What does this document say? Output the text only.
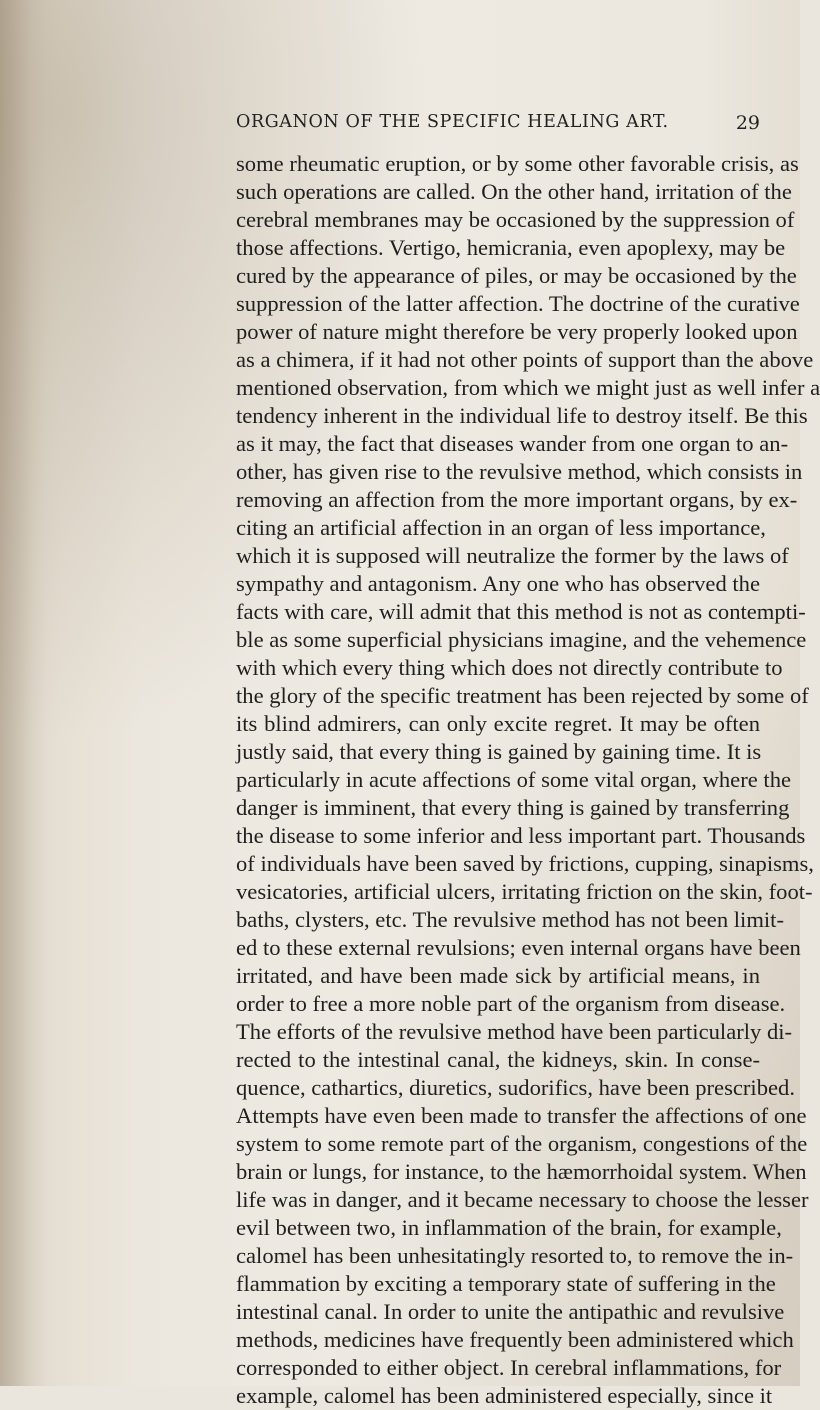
ORGANON OF THE SPECIFIC HEALING ART.	29
some rheumatic eruption, or by some other favorable crisis, as
such operations are called. On the other hand, irritation of the
cerebral membranes may be occasioned by the suppression of
those affections. Vertigo, hemicrania, even apoplexy, may be
cured by the appearance of piles, or may be occasioned by the
suppression of the latter affection. The doctrine of the curative
power of nature might therefore be very properly looked upon
as a chimera, if it had not other points of support than the above
mentioned observation, from which we might just as well infer a
tendency inherent in the individual life to destroy itself. Be this
as it may, the fact that diseases wander from one organ to an-
other, has given rise to the revulsive method, which consists in
removing an affection from the more important organs, by ex-
citing an artificial affection in an organ of less importance,
which it is supposed will neutralize the former by the laws of
sympathy and antagonism. Any one who has observed the
facts with care, will admit that this method is not as contempti-
ble as some superficial physicians imagine, and the vehemence
with which every thing which does not directly contribute to
the glory of the specific treatment has been rejected by some of
its blind admirers, can only excite regret. It may be often
justly said, that every thing is gained by gaining time. It is
particularly in acute affections of some vital organ, where the
danger is imminent, that every thing is gained by transferring
the disease to some inferior and less important part. Thousands
of individuals have been saved by frictions, cupping, sinapisms,
vesicatories, artificial ulcers, irritating friction on the skin, foot-
baths, clysters, etc. The revulsive method has not been limit-
ed to these external revulsions; even internal organs have been
irritated, and have been made sick by artificial means, in
order to free a more noble part of the organism from disease.
The efforts of the revulsive method have been particularly di-
rected to the intestinal canal, the kidneys, skin. In conse-
quence, cathartics, diuretics, sudorifics, have been prescribed.
Attempts have even been made to transfer the affections of one
system to some remote part of the organism, congestions of the
brain or lungs, for instance, to the hæmorrhoidal system. When
life was in danger, and it became necessary to choose the lesser
evil between two, in inflammation of the brain, for example,
calomel has been unhesitatingly resorted to, to remove the in-
flammation by exciting a temporary state of suffering in the
intestinal canal. In order to unite the antipathic and revulsive
methods, medicines have frequently been administered which
corresponded to either object. In cerebral inflammations, for
example, calomel has been administered especially, since it
